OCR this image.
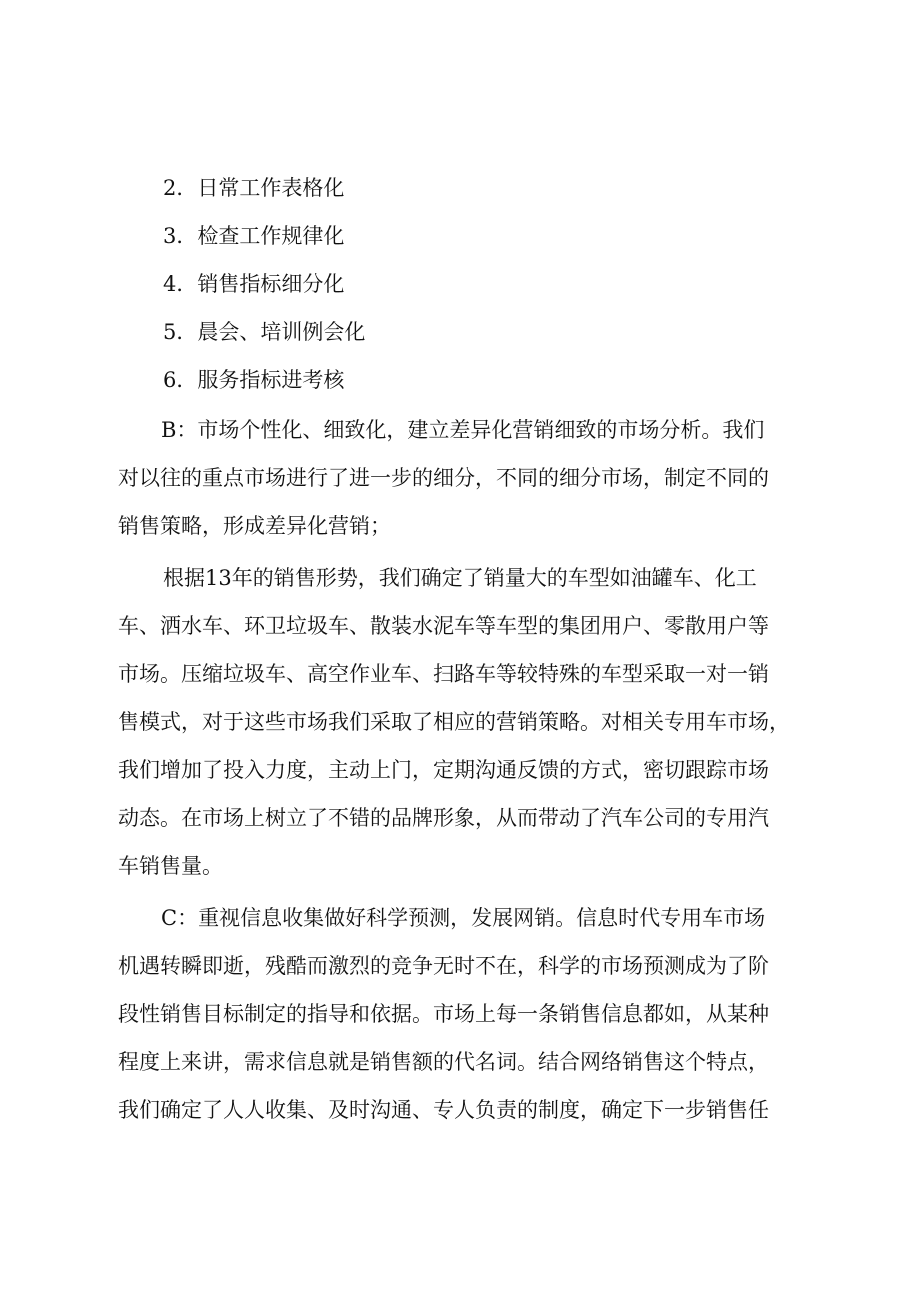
2．日常工作表格化
3．检查工作规律化
4．销售指标细分化
5．晨会、培训例会化
6．服务指标进考核
B：市场个性化、细致化，建立差异化营销细致的市场分析。我们
对以往的重点市场进行了进一步的细分，不同的细分市场，制定不同的
销售策略，形成差异化营销；
根据13年的销售形势，我们确定了销量大的车型如油罐车、化工
车、洒水车、环卫垃圾车、散装水泥车等车型的集团用户、零散用户等
市场。压缩垃圾车、高空作业车、扫路车等较特殊的车型采取一对一销
售模式，对于这些市场我们采取了相应的营销策略。对相关专用车市场，
我们增加了投入力度，主动上门，定期沟通反馈的方式，密切跟踪市场
动态。在市场上树立了不错的品牌形象，从而带动了汽车公司的专用汽
车销售量。
C：重视信息收集做好科学预测，发展网销。信息时代专用车市场
机遇转瞬即逝，残酷而激烈的竞争无时不在，科学的市场预测成为了阶
段性销售目标制定的指导和依据。市场上每一条销售信息都如，从某种
程度上来讲，需求信息就是销售额的代名词。结合网络销售这个特点，
我们确定了人人收集、及时沟通、专人负责的制度，确定下一步销售任
